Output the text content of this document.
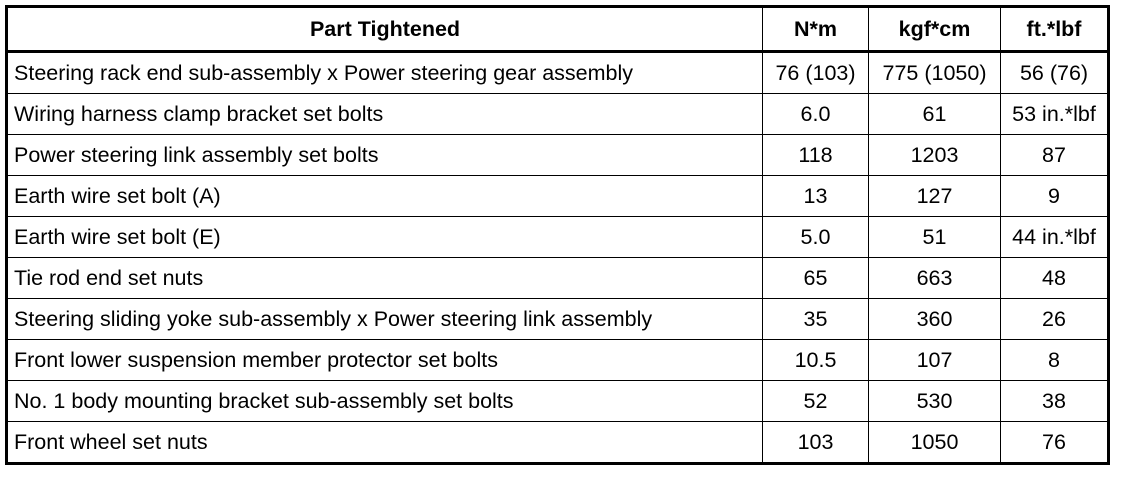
Part Tightened	N*m	kgf*cm	ft.*lbf
Steering rack end sub-assembly x Power steering gear assembly	76 (103)	775 (1050)	56 (76)
Wiring harness clamp bracket set bolts	6.0	61	53 in.*lbf
Power steering link assembly set bolts	118	1203	87
Earth wire set bolt (A)	13	127	9
Earth wire set bolt (E)	5.0	51	44 in.*lbf
Tie rod end set nuts	65	663	48
Steering sliding yoke sub-assembly x Power steering link assembly	35	360	26
Front lower suspension member protector set bolts	10.5	107	8
No. 1 body mounting bracket sub-assembly set bolts	52	530	38
Front wheel set nuts	103	1050	76
